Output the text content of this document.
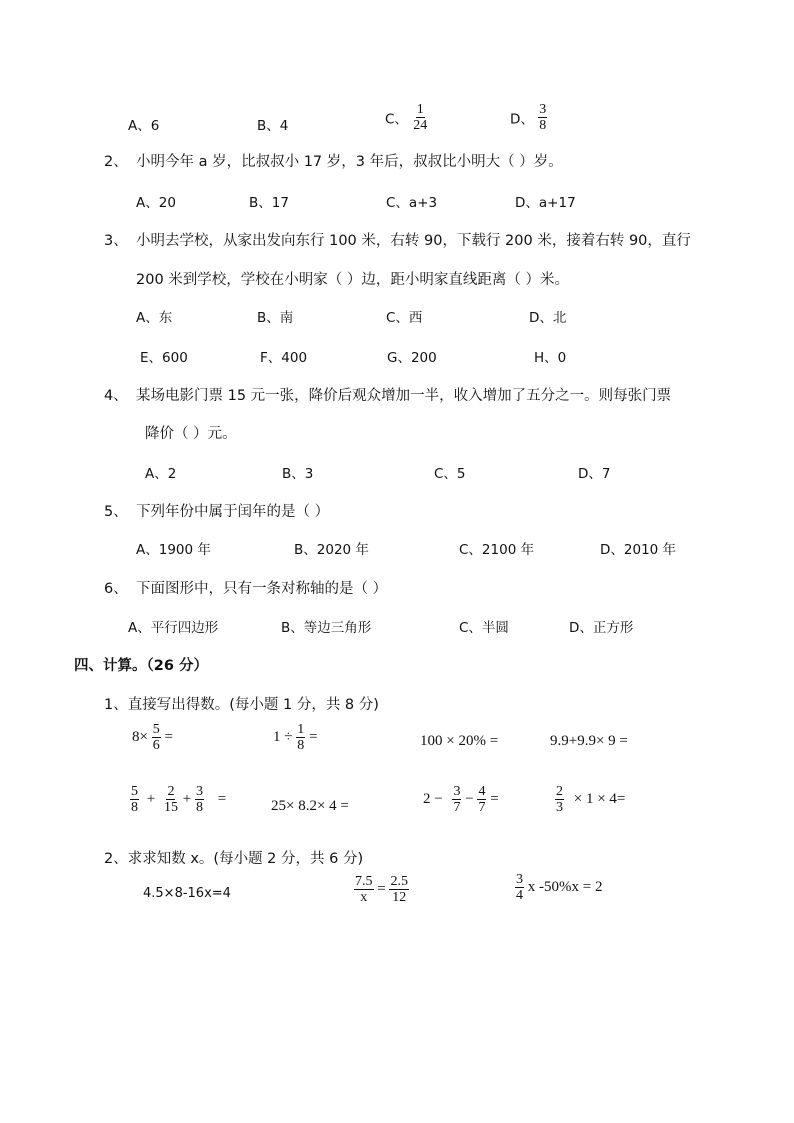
A、6	B、4	C、 $\frac{1}{24}$	D、 $\frac{3}{8}$
2、 小明今年 a 岁，比叔叔小 17 岁，3 年后，叔叔比小明大（ ）岁。
A、20	B、17	C、a+3	D、a+17
3、 小明去学校，从家出发向东行 100 米，右转 90，下载行 200 米，接着右转 90，直行
200 米到学校，学校在小明家（ ）边，距小明家直线距离（ ）米。
A、东	B、南	C、西	D、北
E、600	F、400	G、200	H、0
4、 某场电影门票 15 元一张，降价后观众增加一半，收入增加了五分之一。则每张门票
降价（ ）元。
A、2	B、3	C、5	D、7
5、 下列年份中属于闰年的是（ ）
A、1900 年	B、2020 年	C、2100 年	D、2010 年
6、 下面图形中，只有一条对称轴的是（ ）
A、平行四边形	B、等边三角形	C、半圆	D、正方形
四、计算。（26 分）
1、直接写出得数。(每小题 1 分，共 8 分)
$8\times \frac{5}{6}$ =	$1 \div \frac{1}{8}$ =	100 × 20% =	9.9+9.9× 9 =
$\frac{5}{8} + \frac{2}{15} + \frac{3}{8}$ =	25× 8.2× 4 =	$2 - \frac{3}{7} - \frac{4}{7}$ =	$\frac{2}{3} \times 1 \times 4=$
2、求求知数 x。(每小题 2 分，共 6 分)
4.5×8-16x=4	$\frac{7.5}{x} = \frac{2.5}{12}$	$\frac{3}{4}$ x -50%x = 2
